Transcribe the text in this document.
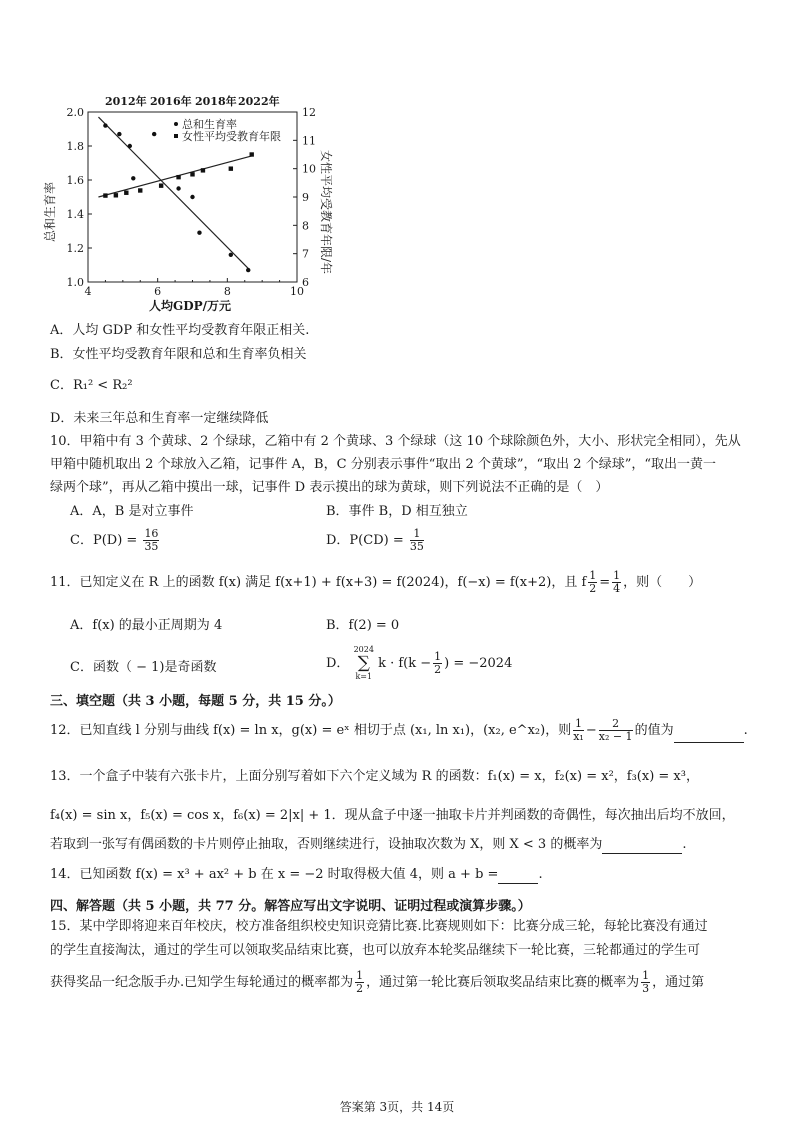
2012年 2016年 2018年 2022年
4	6	8	10
1.0
1.2
1.4
1.6
1.8
2.0
6
7
8
9
10
11
12
总和生育率
女性平均受教育年限
人均GDP/万元
总和生育率	女性平均受教育年限/年
A．人均 GDP 和女性平均受教育年限正相关.
B．女性平均受教育年限和总和生育率负相关
C．R₁² < R₂²
D．未来三年总和生育率一定继续降低
10．甲箱中有 3 个黄球、2 个绿球，乙箱中有 2 个黄球、3 个绿球（这 10 个球除颜色外，大小、形状完全相同），先从
甲箱中随机取出 2 个球放入乙箱，记事件 A，B，C 分别表示事件“取出 2 个黄球”，“取出 2 个绿球”，“取出一黄一
绿两个球”，再从乙箱中摸出一球，记事件 D 表示摸出的球为黄球，则下列说法不正确的是（　）
A．A，B 是对立事件	B．事件 B，D 相互独立
C．$P(D) = \frac{16}{35}$	D．$P(CD) = \frac{1}{35}$
11．已知定义在 R 上的函数 f(x) 满足 f(x+1) + f(x+3) = f(2024)，f(−x) = f(x+2)，且 f $\frac{1}{2} = \frac{1}{4}$ ，则（　　）
A．f(x) 的最小正周期为 4	B．f(2) = 0
C．函数（ − 1)是奇函数	D．
2024
∑
k=1
$k \cdot f(k - \frac{1}{2}$ ) = −2024
三、填空题（共 3 小题，每题 5 分，共 15 分。）
12．已知直线 l 分别与曲线 f(x) = ln x，g(x) = eˣ 相切于点 (x₁, ln x₁)，(x₂, e^x₂)，则 $\frac{1}{\text{x₁}} - \frac{2}{\text{x₂ − 1}}$ 的值为	.
13．一个盒子中装有六张卡片，上面分别写着如下六个定义域为 R 的函数：f₁(x) = x，f₂(x) = x²，f₃(x) = x³，
f₄(x) = sin x，f₅(x) = cos x，f₆(x) = 2|x| + 1．现从盒子中逐一抽取卡片并判函数的奇偶性，每次抽出后均不放回，
若取到一张写有偶函数的卡片则停止抽取，否则继续进行，设抽取次数为 X，则 X < 3 的概率为	.
14．已知函数 f(x) = x³ + ax² + b 在 x = −2 时取得极大值 4，则 a + b =	.
四、解答题（共 5 小题，共 77 分。解答应写出文字说明、证明过程或演算步骤。）
15．某中学即将迎来百年校庆，校方准备组织校史知识竞猜比赛.比赛规则如下：比赛分成三轮，每轮比赛没有通过
的学生直接淘汰，通过的学生可以领取奖品结束比赛，也可以放弃本轮奖品继续下一轮比赛，三轮都通过的学生可
获得奖品一纪念版手办.已知学生每轮通过的概率都为 $\frac{1}{2}$ ，通过第一轮比赛后领取奖品结束比赛的概率为 $\frac{1}{3}$ ，通过第
答案第 3页，共 14页
